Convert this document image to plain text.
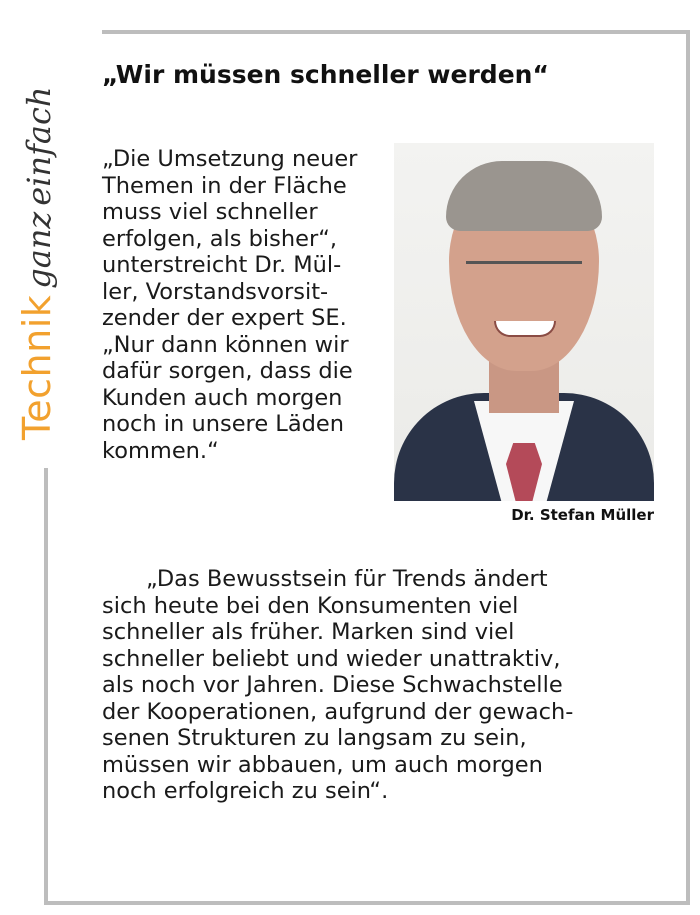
Technikganzeinfach
„Wir müssen schneller werden“
„Die Umsetzung neuer
Themen in der Fläche
muss viel schneller
erfolgen, als bisher“,
unterstreicht Dr. Mül-
ler, Vorstandsvorsit-
zender der expert SE.
„Nur dann können wir
dafür sorgen, dass die
Kunden auch morgen
noch in unsere Läden
kommen.“
Dr. Stefan Müller
„Das Bewusstsein für Trends ändert
sich heute bei den Konsumenten viel
schneller als früher. Marken sind viel
schneller beliebt und wieder unattraktiv,
als noch vor Jahren. Diese Schwachstelle
der Kooperationen, aufgrund der gewach-
senen Strukturen zu langsam zu sein,
müssen wir abbauen, um auch morgen
noch erfolgreich zu sein“.
